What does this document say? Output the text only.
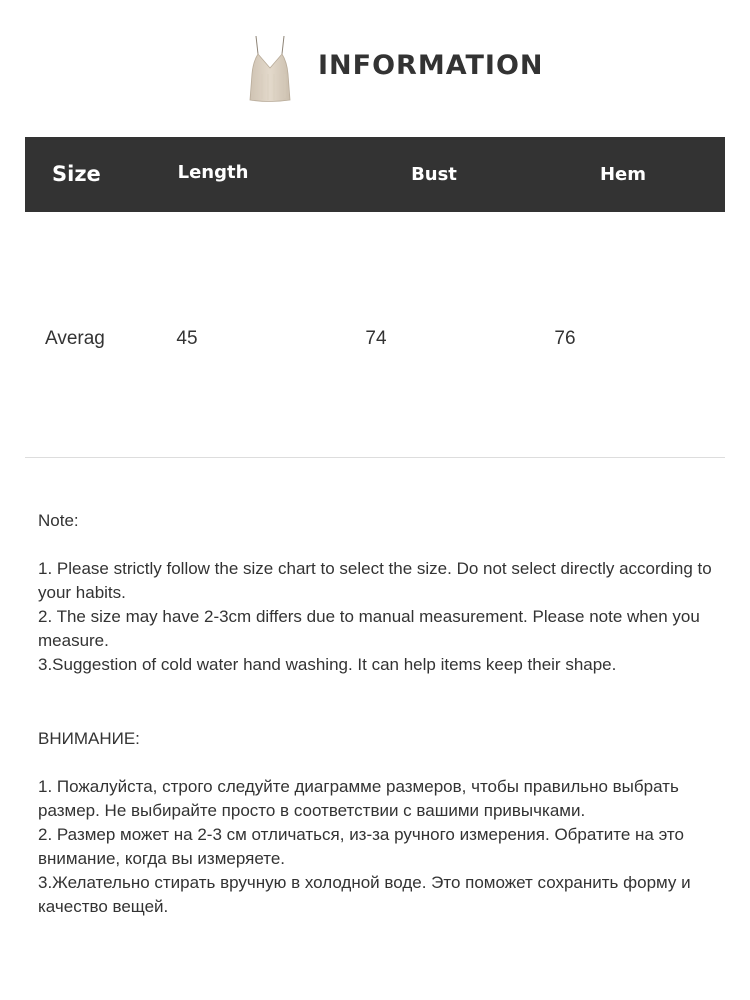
INFORMATION
Size	Length	Bust	Hem
Averag	45	74	76

Note:

1. Please strictly follow the size chart to select the size. Do not select directly according to your habits.

2. The size may have 2-3cm differs due to manual measurement. Please note when you measure.

3.Suggestion of cold water hand washing. It can help items keep their shape.

ВНИМАНИЕ:

1. Пожалуйста, строго следуйте диаграмме размеров, чтобы правильно выбрать размер. Не выбирайте просто в соответствии с вашими привычками.

2. Размер может на 2-3 см отличаться, из-за ручного измерения. Обратите на это внимание, когда вы измеряете.

3.Желательно стирать вручную в холодной воде. Это поможет сохранить форму и качество вещей.
